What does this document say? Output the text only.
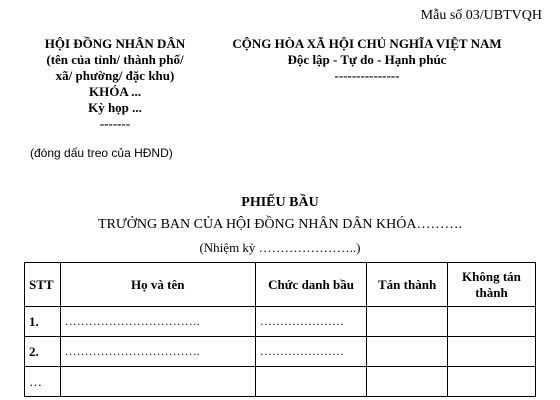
Mẫu số 03/UBTVQH
HỘI ĐỒNG NHÂN DÂN
(tên của tỉnh/ thành phố/
xã/ phường/ đặc khu)
KHÓA ...
Kỳ họp ...
-------
CỘNG HÒA XÃ HỘI CHỦ NGHĨA VIỆT NAM
Độc lập - Tự do - Hạnh phúc
---------------
(đóng dấu treo của HĐND)
PHIẾU BẦU
TRƯỞNG BAN CỦA HỘI ĐỒNG NHÂN DÂN KHÓA……….
(Nhiệm kỳ …………………..)
STT	Họ và tên	Chức danh bầu	Tán thành	Không tán thành
1.	…………………………….	…………………		
2.	…………………………….	…………………		
…				
